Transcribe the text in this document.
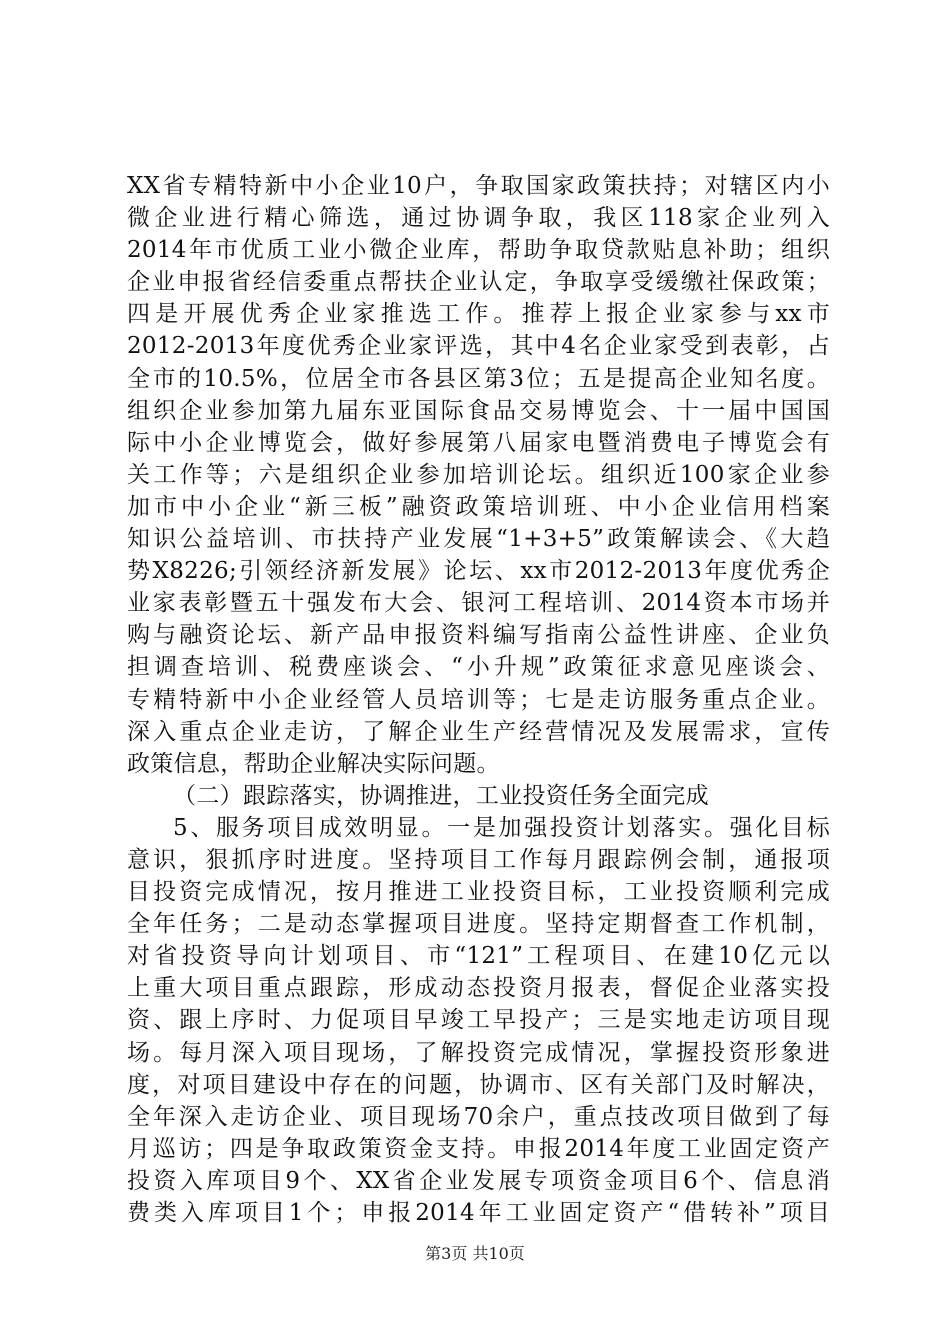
XX省专精特新中小企业10户，争取国家政策扶持；对辖区内小
微企业进行精心筛选，通过协调争取，我区118家企业列入
2014年市优质工业小微企业库，帮助争取贷款贴息补助；组织
企业申报省经信委重点帮扶企业认定，争取享受缓缴社保政策；
四是开展优秀企业家推选工作。推荐上报企业家参与xx市
2012-2013年度优秀企业家评选，其中4名企业家受到表彰，占
全市的10.5%，位居全市各县区第3位；五是提高企业知名度。
组织企业参加第九届东亚国际食品交易博览会、十一届中国国
际中小企业博览会，做好参展第八届家电暨消费电子博览会有
关工作等；六是组织企业参加培训论坛。组织近100家企业参
加市中小企业“新三板”融资政策培训班、中小企业信用档案
知识公益培训、市扶持产业发展“1+3+5”政策解读会、《大趋
势X8226;引领经济新发展》论坛、xx市2012-2013年度优秀企
业家表彰暨五十强发布大会、银河工程培训、2014资本市场并
购与融资论坛、新产品申报资料编写指南公益性讲座、企业负
担调查培训、税费座谈会、“小升规”政策征求意见座谈会、
专精特新中小企业经管人员培训等；七是走访服务重点企业。
深入重点企业走访，了解企业生产经营情况及发展需求，宣传
政策信息，帮助企业解决实际问题。
（二）跟踪落实，协调推进，工业投资任务全面完成
5、服务项目成效明显。一是加强投资计划落实。强化目标
意识，狠抓序时进度。坚持项目工作每月跟踪例会制，通报项
目投资完成情况，按月推进工业投资目标，工业投资顺利完成
全年任务；二是动态掌握项目进度。坚持定期督查工作机制，
对省投资导向计划项目、市“121”工程项目、在建10亿元以
上重大项目重点跟踪，形成动态投资月报表，督促企业落实投
资、跟上序时、力促项目早竣工早投产；三是实地走访项目现
场。每月深入项目现场，了解投资完成情况，掌握投资形象进
度，对项目建设中存在的问题，协调市、区有关部门及时解决，
全年深入走访企业、项目现场70余户，重点技改项目做到了每
月巡访；四是争取政策资金支持。申报2014年度工业固定资产
投资入库项目9个、XX省企业发展专项资金项目6个、信息消
费类入库项目1个；申报2014年工业固定资产“借转补”项目
第3页 共10页
